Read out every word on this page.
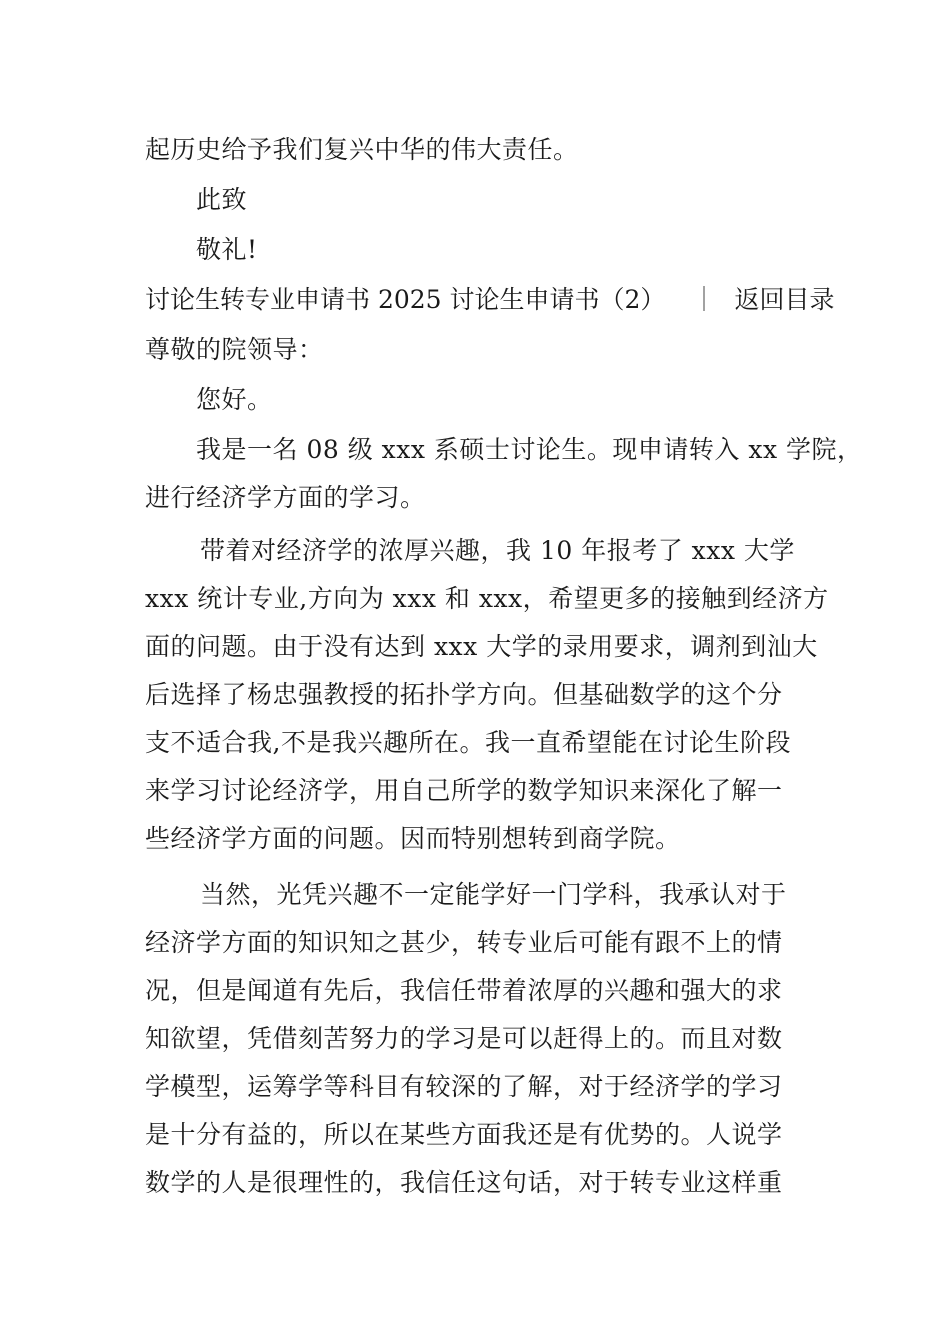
起历史给予我们复兴中华的伟大责任。
此致
敬礼!
讨论生转专业申请书 2025 讨论生申请书（2） ｜ 返回目录
尊敬的院领导：
您好。
我是一名 08 级 xxx 系硕士讨论生。现申请转入 xx 学院，
进行经济学方面的学习。
带着对经济学的浓厚兴趣，我 10 年报考了 xxx 大学
xxx 统计专业,方向为 xxx 和 xxx，希望更多的接触到经济方
面的问题。由于没有达到 xxx 大学的录用要求，调剂到汕大
后选择了杨忠强教授的拓扑学方向。但基础数学的这个分
支不适合我,不是我兴趣所在。我一直希望能在讨论生阶段
来学习讨论经济学，用自己所学的数学知识来深化了解一
些经济学方面的问题。因而特别想转到商学院。
当然，光凭兴趣不一定能学好一门学科，我承认对于
经济学方面的知识知之甚少，转专业后可能有跟不上的情
况，但是闻道有先后，我信任带着浓厚的兴趣和强大的求
知欲望，凭借刻苦努力的学习是可以赶得上的。而且对数
学模型，运筹学等科目有较深的了解，对于经济学的学习
是十分有益的，所以在某些方面我还是有优势的。人说学
数学的人是很理性的，我信任这句话，对于转专业这样重
